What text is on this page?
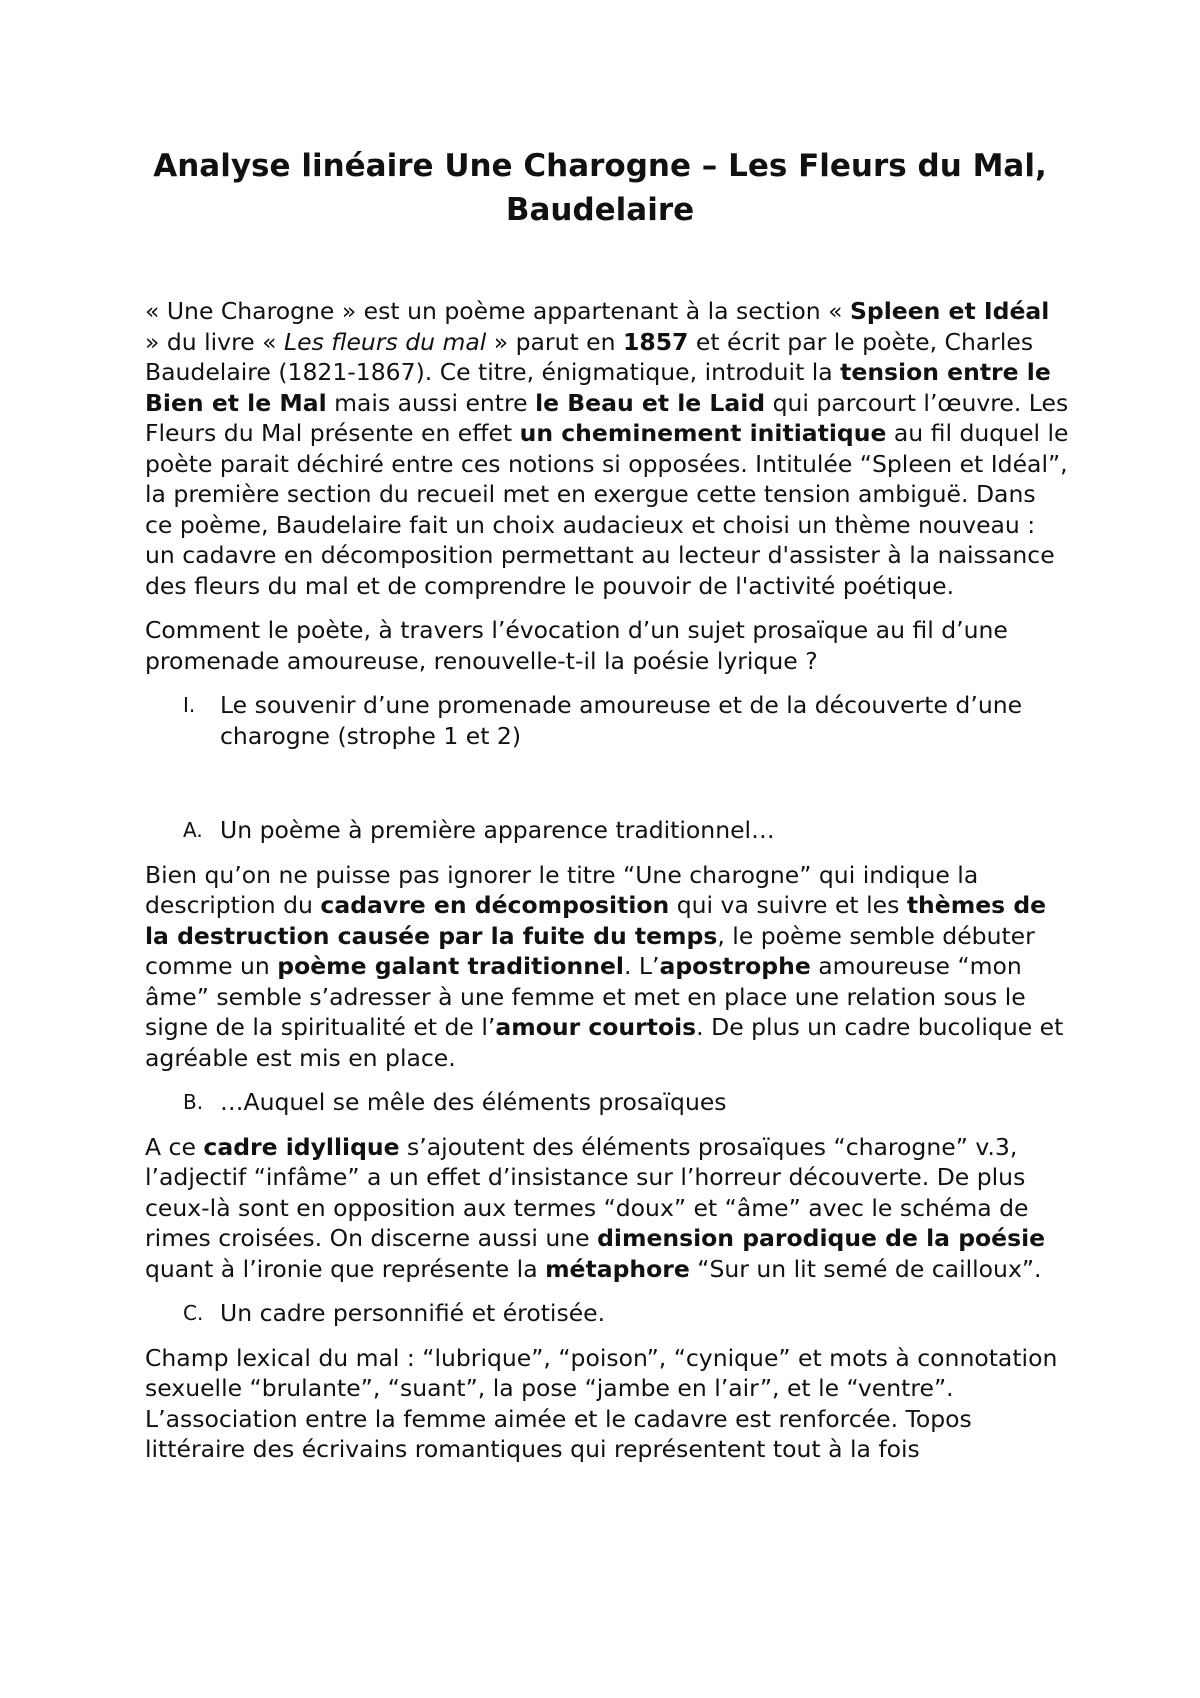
Analyse linéaire Une Charogne – Les Fleurs du Mal, Baudelaire

« Une Charogne » est un poème appartenant à la section « Spleen et Idéal » du livre « Les fleurs du mal » parut en 1857 et écrit par le poète, Charles Baudelaire (1821-1867). Ce titre, énigmatique, introduit la tension entre le Bien et le Mal mais aussi entre le Beau et le Laid qui parcourt l’œuvre. Les Fleurs du Mal présente en effet un cheminement initiatique au fil duquel le poète parait déchiré entre ces notions si opposées. Intitulée “Spleen et Idéal”, la première section du recueil met en exergue cette tension ambiguë. Dans ce poème, Baudelaire fait un choix audacieux et choisi un thème nouveau : un cadavre en décomposition permettant au lecteur d'assister à la naissance des fleurs du mal et de comprendre le pouvoir de l'activité poétique.

Comment le poète, à travers l’évocation d’un sujet prosaïque au fil d’une promenade amoureuse, renouvelle-t-il la poésie lyrique ?

I.	Le souvenir d’une promenade amoureuse et de la découverte d’une charogne (strophe 1 et 2)
A. Un poème à première apparence traditionnel…

Bien qu’on ne puisse pas ignorer le titre “Une charogne” qui indique la description du cadavre en décomposition qui va suivre et les thèmes de la destruction causée par la fuite du temps, le poème semble débuter comme un poème galant traditionnel. L’apostrophe amoureuse “mon âme” semble s’adresser à une femme et met en place une relation sous le signe de la spiritualité et de l’amour courtois. De plus un cadre bucolique et agréable est mis en place.

B. …Auquel se mêle des éléments prosaïques

A ce cadre idyllique s’ajoutent des éléments prosaïques “charogne” v.3, l’adjectif “infâme” a un effet d’insistance sur l’horreur découverte. De plus ceux-là sont en opposition aux termes “doux” et “âme” avec le schéma de rimes croisées. On discerne aussi une dimension parodique de la poésie quant à l’ironie que représente la métaphore “Sur un lit semé de cailloux”.

C. Un cadre personnifié et érotisée.

Champ lexical du mal : “lubrique”, “poison”, “cynique” et mots à connotation sexuelle “brulante”, “suant”, la pose “jambe en l’air”, et le “ventre”. L’association entre la femme aimée et le cadavre est renforcée. Topos littéraire des écrivains romantiques qui représentent tout à la fois
